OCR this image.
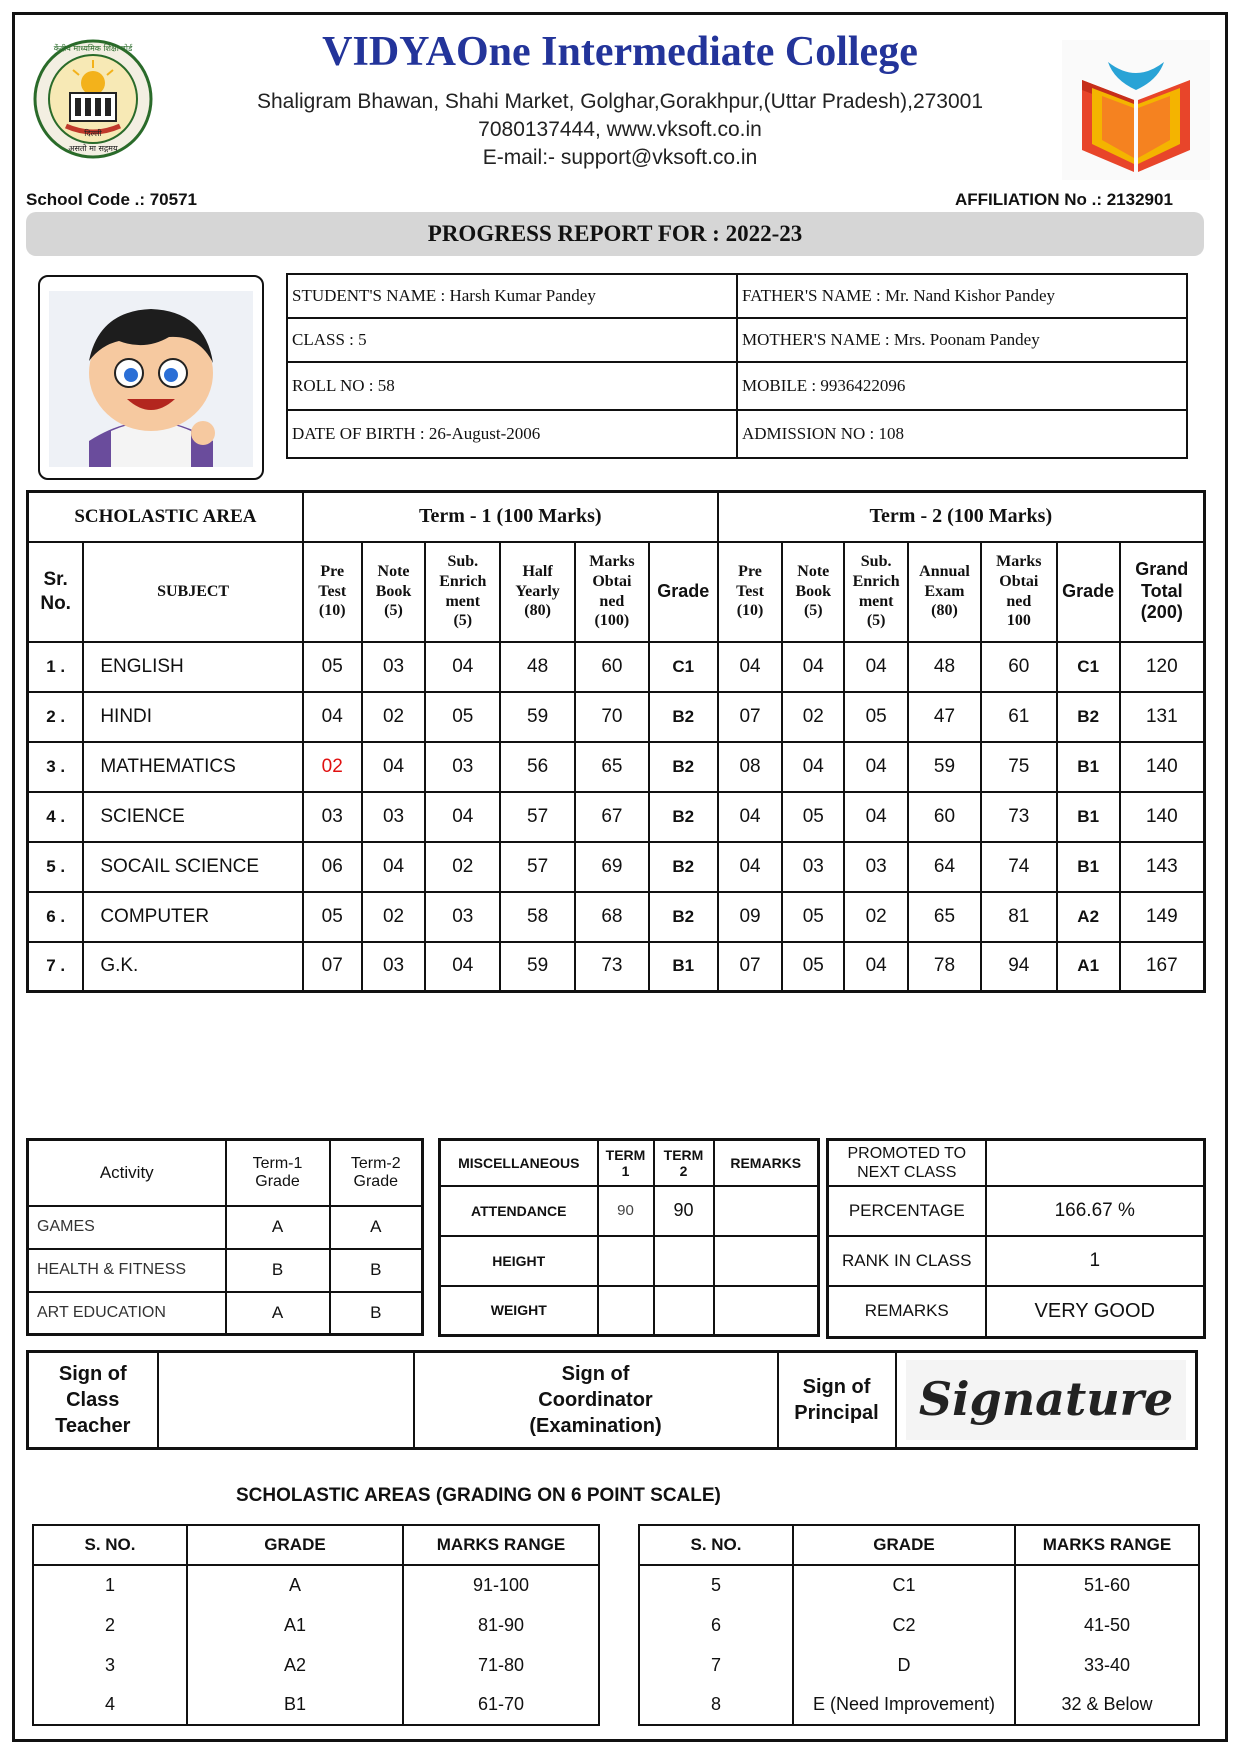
केंद्रीय माध्यमिक शिक्षा बोर्ड
दिल्ली
असतो मा सद्गमय
VIDYAOne Intermediate College
Shaligram Bhawan, Shahi Market, Golghar,Gorakhpur,(Uttar Pradesh),273001
7080137444, www.vksoft.co.in
E-mail:- support@vksoft.co.in
School Code .: 70571	AFFILIATION No .: 2132901
PROGRESS REPORT FOR : 2022-23
STUDENT'S NAME : Harsh Kumar Pandey	FATHER'S NAME : Mr. Nand Kishor Pandey
CLASS : 5	MOTHER'S NAME : Mrs. Poonam Pandey
ROLL NO : 58	MOBILE : 9936422096
DATE OF BIRTH : 26-August-2006	ADMISSION NO : 108
SCHOLASTIC AREA		Term - 1 (100 Marks)						Term - 2 (100 Marks)						
Sr.
No.	SUBJECT	Pre
Test
(10)	Note
Book
(5)	Sub.
Enrich
ment
(5)	Half
Yearly
(80)	Marks
Obtai
ned
(100)	Grade	Pre
Test
(10)	Note
Book
(5)	Sub.
Enrich
ment
(5)	Annual
Exam
(80)	Marks
Obtai
ned
100	Grade	Grand
Total
(200)
1 .	ENGLISH	05	03	04	48	60	C1	04	04	04	48	60	C1	120
2 .	HINDI	04	02	05	59	70	B2	07	02	05	47	61	B2	131
3 .	MATHEMATICS	02	04	03	56	65	B2	08	04	04	59	75	B1	140
4 .	SCIENCE	03	03	04	57	67	B2	04	05	04	60	73	B1	140
5 .	SOCAIL SCIENCE	06	04	02	57	69	B2	04	03	03	64	74	B1	143
6 .	COMPUTER	05	02	03	58	68	B2	09	05	02	65	81	A2	149
7 .	G.K.	07	03	04	59	73	B1	07	05	04	78	94	A1	167
Activity	Term-1
Grade	Term-2
Grade
GAMES	A	A
HEALTH & FITNESS	B	B
ART EDUCATION	A	B
MISCELLANEOUS	TERM
1	TERM
2	REMARKS
ATTENDANCE	90	90	
HEIGHT			
WEIGHT			
PROMOTED TO
NEXT CLASS	
PERCENTAGE	166.67 %
RANK IN CLASS	1
REMARKS	VERY GOOD
Sign of
Class
Teacher		Sign of
Coordinator
(Examination)	Sign of
Principal	Signature
SCHOLASTIC AREAS (GRADING ON 6 POINT SCALE)
S. NO.	GRADE	MARKS RANGE
1	A	91-100
2	A1	81-90
3	A2	71-80
4	B1	61-70
S. NO.	GRADE	MARKS RANGE
5	C1	51-60
6	C2	41-50
7	D	33-40
8	E (Need Improvement)	32 & Below
